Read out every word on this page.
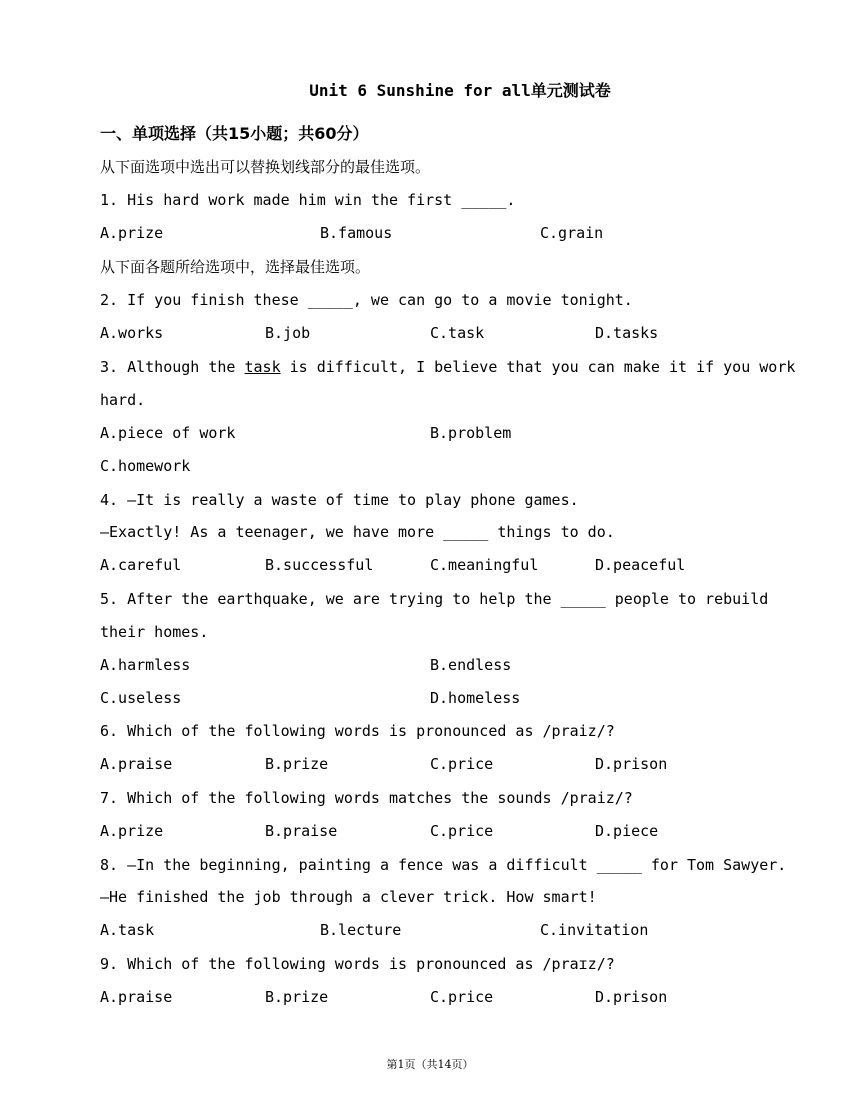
Unit 6 Sunshine for all单元测试卷
一、单项选择（共15小题；共60分）
从下面选项中选出可以替换划线部分的最佳选项。
1. His hard work made him win the first _____.
A.prize	B.famous	C.grain
从下面各题所给选项中，选择最佳选项。
2. If you finish these _____, we can go to a movie tonight.
A.works	B.job	C.task	D.tasks
3. Although the task is difficult, I believe that you can make it if you work
hard.
A.piece of work	B.problem
C.homework
4. —It is really a waste of time to play phone games.
—Exactly! As a teenager, we have more _____ things to do.
A.careful	B.successful	C.meaningful	D.peaceful
5. After the earthquake, we are trying to help the _____ people to rebuild
their homes.
A.harmless	B.endless
C.useless	D.homeless
6. Which of the following words is pronounced as /praiz/?
A.praise	B.prize	C.price	D.prison
7. Which of the following words matches the sounds /praiz/?
A.prize	B.praise	C.price	D.piece
8. —In the beginning, painting a fence was a difficult _____ for Tom Sawyer.
—He finished the job through a clever trick. How smart!
A.task	B.lecture	C.invitation
9. Which of the following words is pronounced as /praɪz/?
A.praise	B.prize	C.price	D.prison
第1页（共14页）
